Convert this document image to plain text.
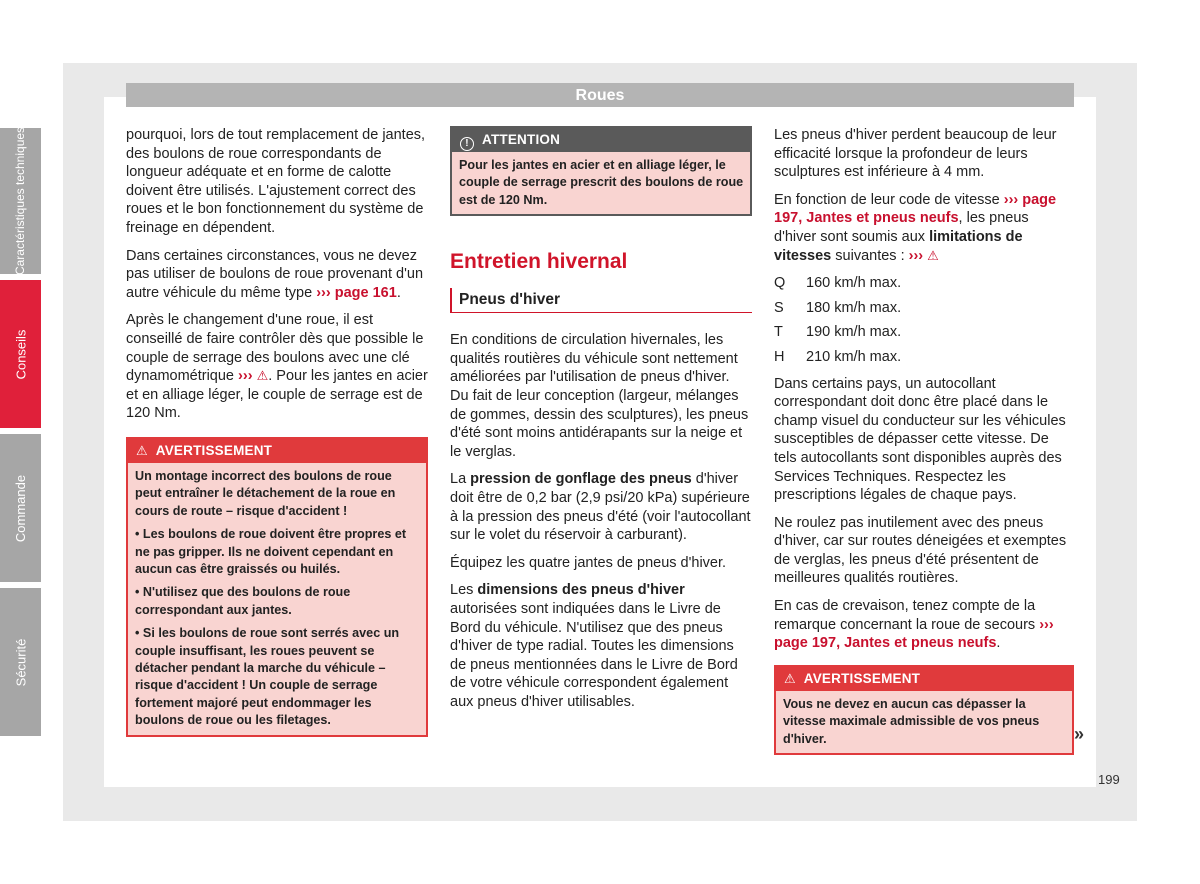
Roues

pourquoi, lors de tout remplacement de jantes, des boulons de roue correspondants de longueur adéquate et en forme de calotte doivent être utilisés. L'ajustement correct des roues et le bon fonctionnement du système de freinage en dépendent.

Dans certaines circonstances, vous ne devez pas utiliser de boulons de roue provenant d'un autre véhicule du même type ››› page 161.

Après le changement d'une roue, il est conseillé de faire contrôler dès que possible le couple de serrage des boulons avec une clé dynamométrique ››› ⚠. Pour les jantes en acier et en alliage léger, le couple de serrage est de 120 Nm.

⚠ AVERTISSEMENT

Un montage incorrect des boulons de roue peut entraîner le détachement de la roue en cours de route – risque d'accident !

• Les boulons de roue doivent être propres et ne pas gripper. Ils ne doivent cependant en aucun cas être graissés ou huilés.

• N'utilisez que des boulons de roue correspondant aux jantes.

• Si les boulons de roue sont serrés avec un couple insuffisant, les roues peuvent se détacher pendant la marche du véhicule – risque d'accident ! Un couple de serrage fortement majoré peut endommager les boulons de roue ou les filetages.

! ATTENTION

Pour les jantes en acier et en alliage léger, le couple de serrage prescrit des boulons de roue est de 120 Nm.

Entretien hivernal
Pneus d'hiver

En conditions de circulation hivernales, les qualités routières du véhicule sont nettement améliorées par l'utilisation de pneus d'hiver. Du fait de leur conception (largeur, mélanges de gommes, dessin des sculptures), les pneus d'été sont moins antidérapants sur la neige et le verglas.

La pression de gonflage des pneus d'hiver doit être de 0,2 bar (2,9 psi/20 kPa) supérieure à la pression des pneus d'été (voir l'autocollant sur le volet du réservoir à carburant).

Équipez les quatre jantes de pneus d'hiver.

Les dimensions des pneus d'hiver autorisées sont indiquées dans le Livre de Bord du véhicule. N'utilisez que des pneus d'hiver de type radial. Toutes les dimensions de pneus mentionnées dans le Livre de Bord de votre véhicule correspondent également aux pneus d'hiver utilisables.

Les pneus d'hiver perdent beaucoup de leur efficacité lorsque la profondeur de leurs sculptures est inférieure à 4 mm.

En fonction de leur code de vitesse ››› page 197, Jantes et pneus neufs, les pneus d'hiver sont soumis aux limitations de vitesses suivantes : ››› ⚠

Q	160 km/h max.
S	180 km/h max.
T	190 km/h max.
H	210 km/h max.

Dans certains pays, un autocollant correspondant doit donc être placé dans le champ visuel du conducteur sur les véhicules susceptibles de dépasser cette vitesse. De tels autocollants sont disponibles auprès des Services Techniques. Respectez les prescriptions légales de chaque pays.

Ne roulez pas inutilement avec des pneus d'hiver, car sur routes déneigées et exemptes de verglas, les pneus d'été présentent de meilleures qualités routières.

En cas de crevaison, tenez compte de la remarque concernant la roue de secours ››› page 197, Jantes et pneus neufs.

⚠ AVERTISSEMENT

Vous ne devez en aucun cas dépasser la vitesse maximale admissible de vos pneus d'hiver.	»
Caractéristiques techniques
Conseils
Commande
Sécurité
199
